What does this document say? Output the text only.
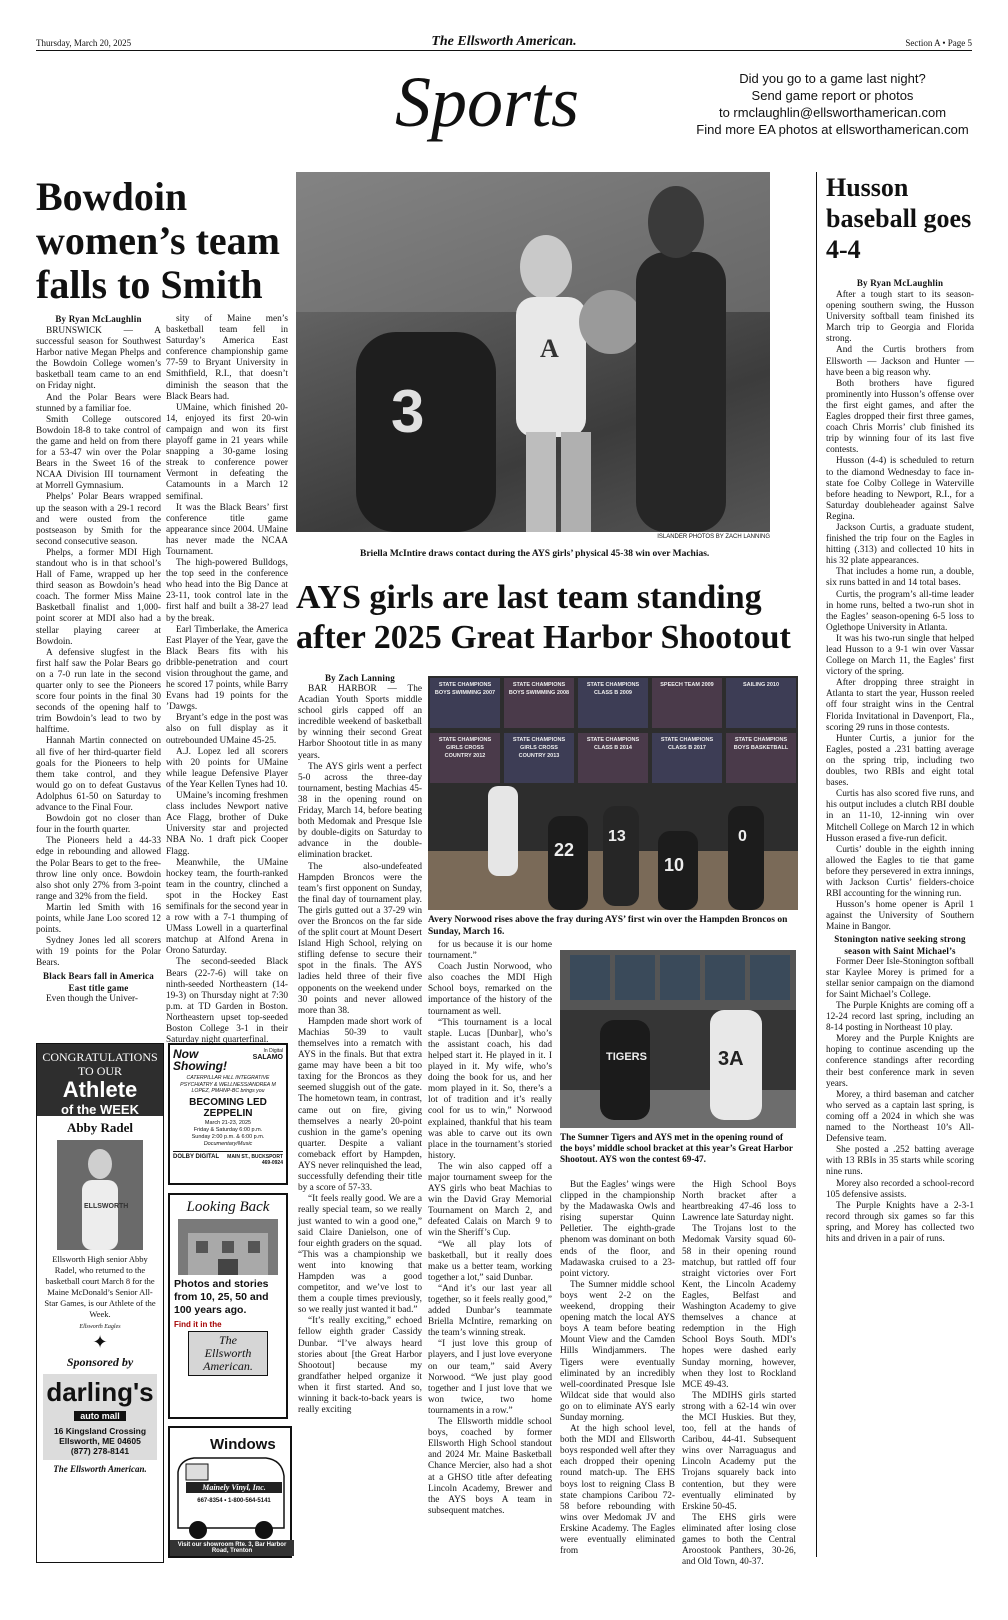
Thursday, March 20, 2025	The Ellsworth American.	Section A • Page 5
Sports	Did you go to a game last night?
Send game report or photos
to rmclaughlin@ellsworthamerican.com
Find more EA photos at ellsworthamerican.com
Bowdoin women’s team falls to Smith
By Ryan McLaughlin

BRUNSWICK — A successful season for Southwest Harbor native Megan Phelps and the Bowdoin College women’s basketball team came to an end on Friday night.

And the Polar Bears were stunned by a familiar foe.

Smith College outscored Bowdoin 18-8 to take control of the game and held on from there for a 53-47 win over the Polar Bears in the Sweet 16 of the NCAA Division III tournament at Morrell Gymnasium.

Phelps’ Polar Bears wrapped up the season with a 29-1 record and were ousted from the postseason by Smith for the second consecutive season.

Phelps, a former MDI High standout who is in that school’s Hall of Fame, wrapped up her third season as Bowdoin’s head coach. The former Miss Maine Basketball finalist and 1,000-point scorer at MDI also had a stellar playing career at Bowdoin.

A defensive slugfest in the first half saw the Polar Bears go on a 7-0 run late in the second quarter only to see the Pioneers score four points in the final 30 seconds of the opening half to trim Bowdoin’s lead to two by halftime.

Hannah Martin connected on all five of her third-quarter field goals for the Pioneers to help them take control, and they would go on to defeat Gustavus Adolphus 61-50 on Saturday to advance to the Final Four.

Bowdoin got no closer than four in the fourth quarter.

The Pioneers held a 44-33 edge in rebounding and allowed the Polar Bears to get to the free-throw line only once. Bowdoin also shot only 27% from 3-point range and 32% from the field.

Martin led Smith with 16 points, while Jane Loo scored 12 points.

Sydney Jones led all scorers with 19 points for the Polar Bears.

Black Bears fall in America East title game

Even though the Univer-

sity of Maine men’s basketball team fell in Saturday’s America East conference championship game 77-59 to Bryant University in Smithfield, R.I., that doesn’t diminish the season that the Black Bears had.

UMaine, which finished 20-14, enjoyed its first 20-win campaign and won its first playoff game in 21 years while snapping a 30-game losing streak to conference power Vermont in defeating the Catamounts in a March 12 semifinal.

It was the Black Bears’ first conference title game appearance since 2004. UMaine has never made the NCAA Tournament.

The high-powered Bulldogs, the top seed in the conference who head into the Big Dance at 23-11, took control late in the first half and built a 38-27 lead by the break.

Earl Timberlake, the America East Player of the Year, gave the Black Bears fits with his dribble-penetration and court vision throughout the game, and he scored 17 points, while Barry Evans had 19 points for the ’Dawgs.

Bryant’s edge in the post was also on full display as it outrebounded UMaine 45-25.

A.J. Lopez led all scorers with 20 points for UMaine while league Defensive Player of the Year Kellen Tynes had 10.

UMaine’s incoming freshmen class includes Newport native Ace Flagg, brother of Duke University star and projected NBA No. 1 draft pick Cooper Flagg.

Meanwhile, the UMaine hockey team, the fourth-ranked team in the country, clinched a spot in the Hockey East semifinals for the second year in a row with a 7-1 thumping of UMass Lowell in a quarterfinal matchup at Alfond Arena in Orono Saturday.

The second-seeded Black Bears (22-7-6) will take on ninth-seeded Northeastern (14-19-3) on Thursday night at 7:30 p.m. at TD Garden in Boston. Northeastern upset top-seeded Boston College 3-1 in their Saturday night quarterfinal.

A
3
ISLANDER PHOTOS BY ZACH LANNING
Briella McIntire draws contact during the AYS girls’ physical 45-38 win over Machias.
AYS girls are last team standing after 2025 Great Harbor Shootout
By Zach Lanning

BAR HARBOR — The Acadian Youth Sports middle school girls capped off an incredible weekend of basketball by winning their second Great Harbor Shootout title in as many years.

The AYS girls went a perfect 5-0 across the three-day tournament, besting Machias 45-38 in the opening round on Friday, March 14, before beating both Medomak and Presque Isle by double-digits on Saturday to advance in the double-elimination bracket.

The also-undefeated Hampden Broncos were the team’s first opponent on Sunday, the final day of tournament play. The girls gutted out a 37-29 win over the Broncos on the far side of the split court at Mount Desert Island High School, relying on stifling defense to secure their spot in the finals. The AYS ladies held three of their five opponents on the weekend under 30 points and never allowed more than 38.

Hampden made short work of Machias 50-39 to vault themselves into a rematch with AYS in the finals. But that extra game may have been a bit too taxing for the Broncos as they seemed sluggish out of the gate. The hometown team, in contrast, came out on fire, giving themselves a nearly 20-point cushion in the game’s opening quarter. Despite a valiant comeback effort by Hampden, AYS never relinquished the lead, successfully defending their title by a score of 57-33.

“It feels really good. We are a really special team, so we really just wanted to win a good one,” said Claire Danielson, one of four eighth graders on the squad. “This was a championship we went into knowing that Hampden was a good competitor, and we’ve lost to them a couple times previously, so we really just wanted it bad.”

“It’s really exciting,” echoed fellow eighth grader Cassidy Dunbar. “I’ve always heard stories about [the Great Harbor Shootout] because my grandfather helped organize it when it first started. And so, winning it back-to-back years is really exciting

STATE CHAMPIONS BOYS SWIMMING 2007
STATE CHAMPIONS BOYS SWIMMING 2008
STATE CHAMPIONS CLASS B 2009
SPEECH TEAM 2009	SAILING 2010
STATE CHAMPIONS GIRLS CROSS COUNTRY 2012
STATE CHAMPIONS GIRLS CROSS COUNTRY 2013
STATE CHAMPIONS CLASS B 2014
STATE CHAMPIONS CLASS B 2017
STATE CHAMPIONS BOYS BASKETBALL
22
10
0
13
Avery Norwood rises above the fray during AYS’ first win over the Hampden Broncos on Sunday, March 16.

for us because it is our home tournament.”

Coach Justin Norwood, who also coaches the MDI High School boys, remarked on the importance of the history of the tournament as well.

“This tournament is a local staple. Lucas [Dunbar], who’s the assistant coach, his dad helped start it. He played in it. I played in it. My wife, who’s doing the book for us, and her mom played in it. So, there’s a lot of tradition and it’s really cool for us to win,” Norwood explained, thankful that his team was able to carve out its own place in the tournament’s storied history.

The win also capped off a major tournament sweep for the AYS girls who beat Machias to win the David Gray Memorial Tournament on March 2, and defeated Calais on March 9 to win the Sheriff’s Cup.

“We all play lots of basketball, but it really does make us a better team, working together a lot,” said Dunbar.

“And it’s our last year all together, so it feels really good,” added Dunbar’s teammate Briella McIntire, remarking on the team’s winning streak.

“I just love this group of players, and I just love everyone on our team,” said Avery Norwood. “We just play good together and I just love that we won twice, two home tournaments in a row.”

The Ellsworth middle school boys, coached by former Ellsworth High School standout and 2024 Mr. Maine Basketball Chance Mercier, also had a shot at a GHSO title after defeating Lincoln Academy, Brewer and the AYS boys A team in subsequent matches.

TIGERS	3A
The Sumner Tigers and AYS met in the opening round of the boys’ middle school bracket at this year’s Great Harbor Shootout. AYS won the contest 69-47.

But the Eagles’ wings were clipped in the championship by the Madawaska Owls and rising superstar Quinn Pelletier. The eighth-grade phenom was dominant on both ends of the floor, and Madawaska cruised to a 23-point victory.

The Sumner middle school boys went 2-2 on the weekend, dropping their opening match the local AYS boys A team before beating Mount View and the Camden Hills Windjammers. The Tigers were eventually eliminated by an incredibly well-coordinated Presque Isle Wildcat side that would also go on to eliminate AYS early Sunday morning.

At the high school level, both the MDI and Ellsworth boys responded well after they each dropped their opening round match-up. The EHS boys lost to reigning Class B state champions Caribou 72-58 before rebounding with wins over Medomak JV and Erskine Academy. The Eagles were eventually eliminated from

the High School Boys North bracket after a heartbreaking 47-46 loss to Lawrence late Saturday night.

The Trojans lost to the Medomak Varsity squad 60-58 in their opening round matchup, but rattled off four straight victories over Fort Kent, the Lincoln Academy Eagles, Belfast and Washington Academy to give themselves a chance at redemption in the High School Boys South. MDI’s hopes were dashed early Sunday morning, however, when they lost to Rockland MCE 49-43.

The MDIHS girls started strong with a 62-14 win over the MCI Huskies. But they, too, fell at the hands of Caribou, 44-41. Subsequent wins over Narraguagus and Lincoln Academy put the Trojans squarely back into contention, but they were eventually eliminated by Erskine 50-45.

The EHS girls were eliminated after losing close games to both the Central Aroostook Panthers, 30-26, and Old Town, 40-37.

Husson baseball goes 4-4
By Ryan McLaughlin

After a tough start to its season-opening southern swing, the Husson University softball team finished its March trip to Georgia and Florida strong.

And the Curtis brothers from Ellsworth — Jackson and Hunter — have been a big reason why.

Both brothers have figured prominently into Husson’s offense over the first eight games, and after the Eagles dropped their first three games, coach Chris Morris’ club finished its trip by winning four of its last five contests.

Husson (4-4) is scheduled to return to the diamond Wednesday to face in-state foe Colby College in Waterville before heading to Newport, R.I., for a Saturday doubleheader against Salve Regina.

Jackson Curtis, a graduate student, finished the trip four on the Eagles in hitting (.313) and collected 10 hits in his 32 plate appearances.

That includes a home run, a double, six runs batted in and 14 total bases.

Curtis, the program’s all-time leader in home runs, belted a two-run shot in the Eagles’ season-opening 6-5 loss to Oglethope University in Atlanta.

It was his two-run single that helped lead Husson to a 9-1 win over Vassar College on March 11, the Eagles’ first victory of the spring.

After dropping three straight in Atlanta to start the year, Husson reeled off four straight wins in the Central Florida Invitational in Davenport, Fla., scoring 29 runs in those contests.

Hunter Curtis, a junior for the Eagles, posted a .231 batting average on the spring trip, including two doubles, two RBIs and eight total bases.

Curtis has also scored five runs, and his output includes a clutch RBI double in an 11-10, 12-inning win over Mitchell College on March 12 in which Husson erased a five-run deficit.

Curtis’ double in the eighth inning allowed the Eagles to tie that game before they persevered in extra innings, with Jackson Curtis’ fielders-choice RBI accounting for the winning run.

Husson’s home opener is April 1 against the University of Southern Maine in Bangor.

Stonington native seeking strong season with Saint Michael’s

Former Deer Isle-Stonington softball star Kaylee Morey is primed for a stellar senior campaign on the diamond for Saint Michael’s College.

The Purple Knights are coming off a 12-24 record last spring, including an 8-14 posting in Northeast 10 play.

Morey and the Purple Knights are hoping to continue ascending up the conference standings after recording their best conference mark in seven years.

Morey, a third baseman and catcher who served as a captain last spring, is coming off a 2024 in which she was named to the Northeast 10’s All-Defensive team.

She posted a .252 batting average with 13 RBIs in 35 starts while scoring nine runs.

Morey also recorded a school-record 105 defensive assists.

The Purple Knights have a 2-3-1 record through six games so far this spring, and Morey has collected two hits and driven in a pair of runs.

CONGRATULATIONS TO OUR
Athlete
of the WEEK
Abby Radel
ELLSWORTH
Ellsworth High senior Abby Radel, who returned to the basketball court March 8 for the Maine McDonald’s Senior All-Star Games, is our Athlete of the Week.
Ellsworth Eagles
✦
Sponsored by
darling's
auto mall
16 Kingsland Crossing
Ellsworth, ME 04605
(877) 278-8141
The Ellsworth American.
Now
Showing!
In Digital
SALAMO
CATERPILLAR HILL INTEGRATIVE PSYCHIATRY & WELLNESS/ANDREA M LOPEZ, PMHNP-BC brings you
BECOMING LED
ZEPPELIN
March 21-23, 2025
Friday & Saturday 6:00 p.m.
Sunday 2:00 p.m. & 6:00 p.m.
Documentary/Music
DOLBY DIGITAL MAIN ST., BUCKSPORT
469-0924
Looking Back
Photos and stories
from 10, 25, 50 and
100 years ago.
Find it in the
The
Ellsworth
American.
Windows
Mainely Vinyl, Inc.
667-8354 • 1-800-564-5141
Visit our showroom Rte. 3, Bar Harbor Road, Trenton
